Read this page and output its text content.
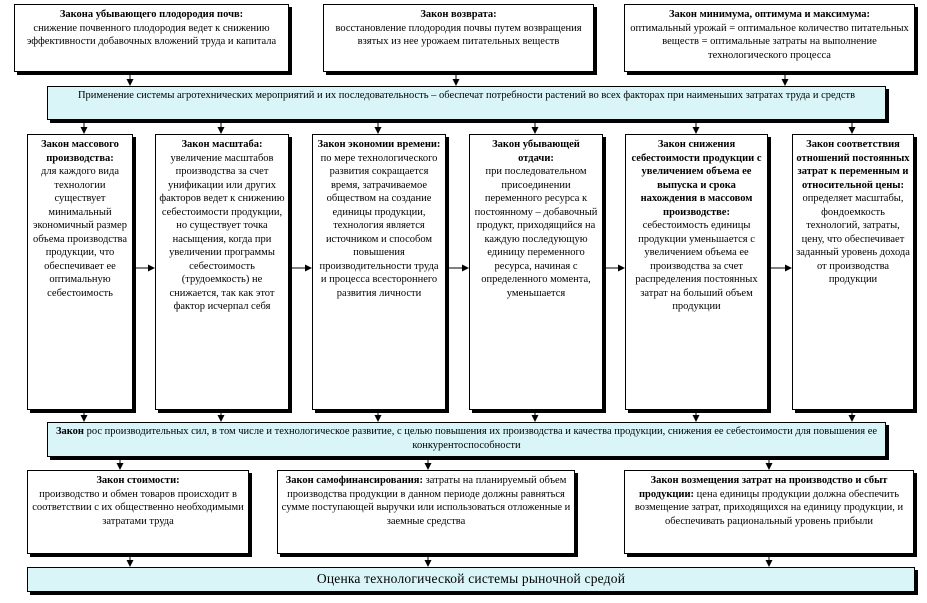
Закона убывающего плодородия почв:
снижение почвенного плодородия ведет к снижению эффективности добавочных вложений труда и капитала
Закон возврата:
восстановление плодородия почвы путем возвращения взятых из нее урожаем питательных веществ
Закон минимума, оптимума и максимума:
оптимальный урожай = оптимальное количество питательных веществ = оптимальные затраты на выполнение технологического процесса
Применение системы агротехнических мероприятий и их последовательность – обеспечат потребности растений во всех факторах при наименьших затратах труда и средств
Закон массового производства:
для каждого вида технологии существует минимальный экономичный размер объема производства продукции, что обеспечивает ее оптимальную себестоимость
Закон масштаба:
увеличение масштабов производства за счет унификации или других факторов ведет к снижению себестоимости продукции, но существует точка насыщения, когда при увеличении программы себестоимость (трудоемкость) не снижается, так как этот фактор исчерпал себя
Закон экономии времени:
по мере технологического развития сокращается время, затрачиваемое обществом на создание единицы продукции, технология является источником и способом повышения производительности труда и процесса всестороннего развития личности
Закон убывающей отдачи:
при последовательном присоединении переменного ресурса к постоянному – добавочный продукт, приходящийся на каждую последующую единицу переменного ресурса, начиная с определенного момента, уменьшается
Закон снижения себестоимости продукции с увеличением объема ее выпуска и срока нахождения в массовом производстве:
себестоимость единицы продукции уменьшается с увеличением объема ее производства за счет распределения постоянных затрат на больший объем продукции
Закон соответствия отношений постоянных затрат к переменным и относительной цены:
определяет масштабы, фондоемкость технологий, затраты, цену, что обеспечивает заданный уровень дохода от производства продукции
Закон рос производительных сил, в том числе и технологическое развитие, с целью повышения их производства и качества продукции, снижения ее себестоимости для повышения ее конкурентоспособности
Закон стоимости:
производство и обмен товаров происходит в соответствии с их общественно необходимыми затратами труда
Закон самофинансирования: затраты на планируемый объем производства продукции в данном периоде должны равняться сумме поступающей выручки или использоваться отложенные и заемные средства
Закон возмещения затрат на производство и сбыт продукции: цена единицы продукции должна обеспечить возмещение затрат, приходящихся на единицу продукции, и обеспечивать рациональный уровень прибыли
Оценка технологической системы рыночной средой
